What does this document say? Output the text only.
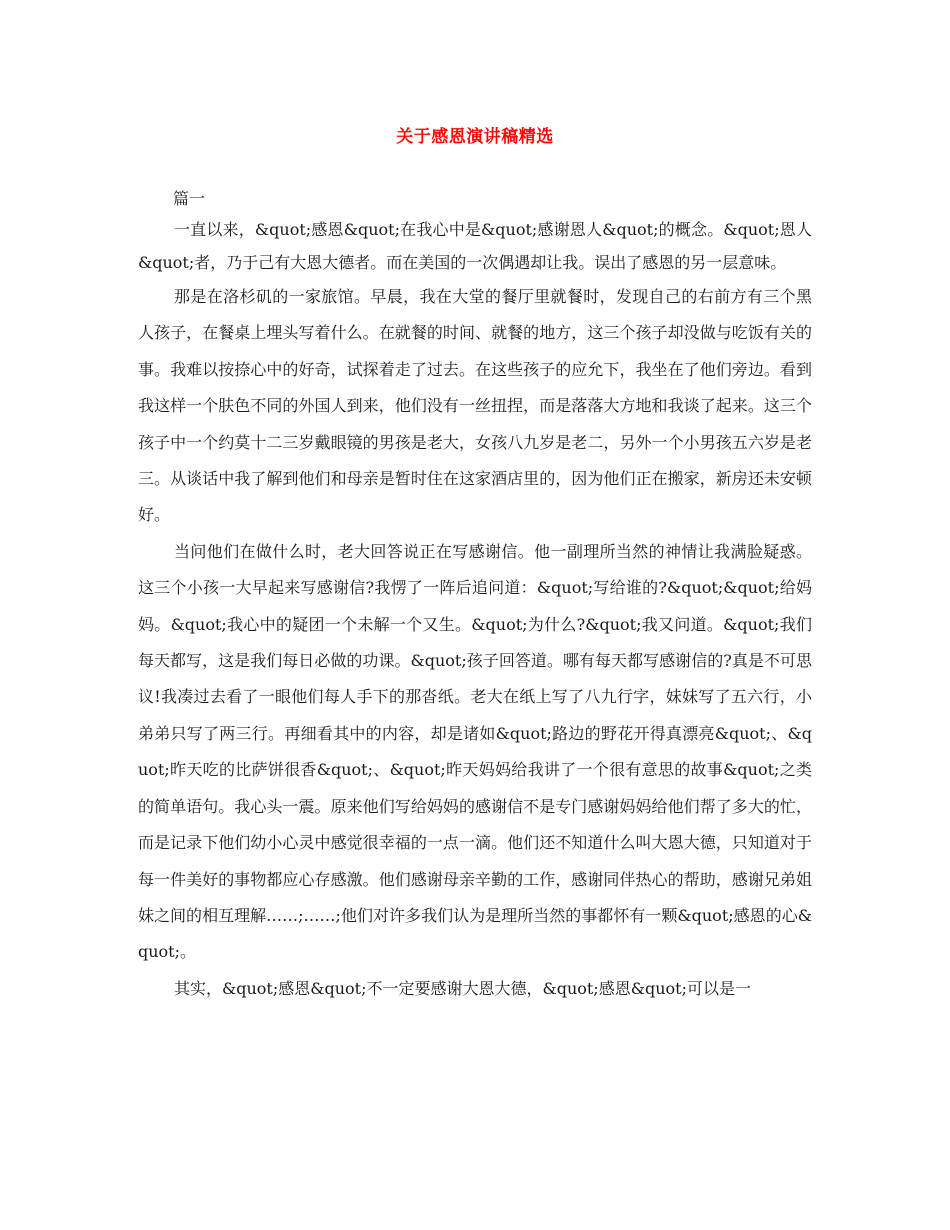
关于感恩演讲稿精选

篇一

一直以来，&quot;感恩&quot;在我心中是&quot;感谢恩人&quot;的概念。&quot;恩人&quot;者，乃于己有大恩大德者。而在美国的一次偶遇却让我。误出了感恩的另一层意味。

那是在洛杉矶的一家旅馆。早晨，我在大堂的餐厅里就餐时，发现自己的右前方有三个黑人孩子，在餐桌上埋头写着什么。在就餐的时间、就餐的地方，这三个孩子却没做与吃饭有关的事。我难以按捺心中的好奇，试探着走了过去。在这些孩子的应允下，我坐在了他们旁边。看到我这样一个肤色不同的外国人到来，他们没有一丝扭捏，而是落落大方地和我谈了起来。这三个孩子中一个约莫十二三岁戴眼镜的男孩是老大，女孩八九岁是老二，另外一个小男孩五六岁是老三。从谈话中我了解到他们和母亲是暂时住在这家酒店里的，因为他们正在搬家，新房还未安顿好。

当问他们在做什么时，老大回答说正在写感谢信。他一副理所当然的神情让我满脸疑惑。这三个小孩一大早起来写感谢信?我愣了一阵后追问道：&quot;写给谁的?&quot;&quot;给妈妈。&quot;我心中的疑团一个未解一个又生。&quot;为什么?&quot;我又问道。&quot;我们每天都写，这是我们每日必做的功课。&quot;孩子回答道。哪有每天都写感谢信的?真是不可思议!我凑过去看了一眼他们每人手下的那沓纸。老大在纸上写了八九行字，妹妹写了五六行，小弟弟只写了两三行。再细看其中的内容，却是诸如&quot;路边的野花开得真漂亮&quot;、&quot;昨天吃的比萨饼很香&quot;、&quot;昨天妈妈给我讲了一个很有意思的故事&quot;之类的简单语句。我心头一震。原来他们写给妈妈的感谢信不是专门感谢妈妈给他们帮了多大的忙，而是记录下他们幼小心灵中感觉很幸福的一点一滴。他们还不知道什么叫大恩大德，只知道对于每一件美好的事物都应心存感激。他们感谢母亲辛勤的工作，感谢同伴热心的帮助，感谢兄弟姐妹之间的相互理解……;……;他们对许多我们认为是理所当然的事都怀有一颗&quot;感恩的心&quot;。

其实，&quot;感恩&quot;不一定要感谢大恩大德，&quot;感恩&quot;可以是一
